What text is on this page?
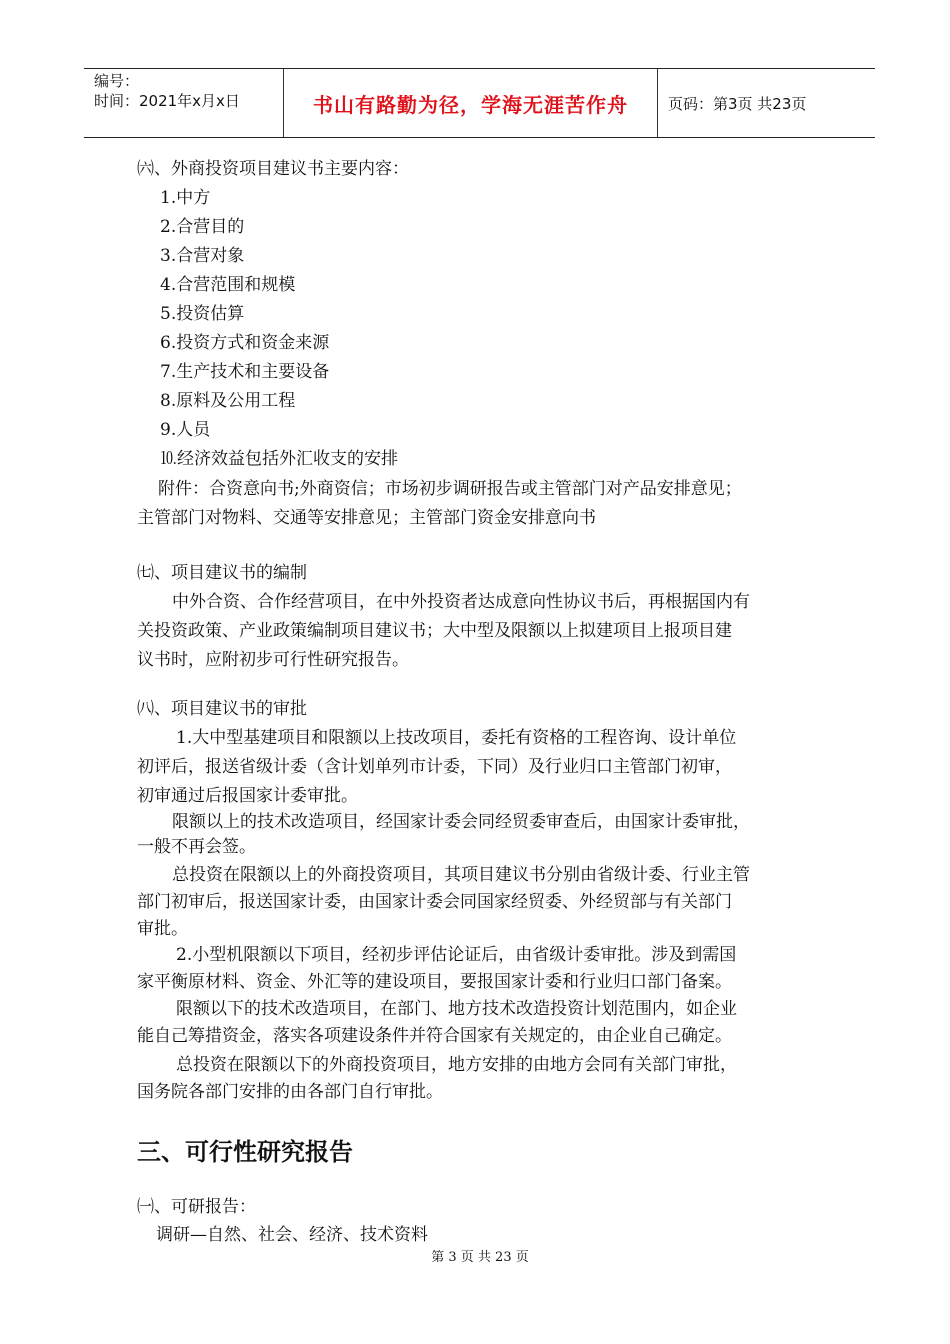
编号：
时间：2021年x月x日	书山有路勤为径，学海无涯苦作舟	页码：第3页 共23页
㈥、外商投资项目建议书主要内容：
1.中方
2.合营目的
3.合营对象
4.合营范围和规模
5.投资估算
6.投资方式和资金来源
7.生产技术和主要设备
8.原料及公用工程
9.人员
⒑经济效益包括外汇收支的安排
附件：合资意向书;外商资信；市场初步调研报告或主管部门对产品安排意见；
主管部门对物料、交通等安排意见；主管部门资金安排意向书
㈦、项目建议书的编制
中外合资、合作经营项目，在中外投资者达成意向性协议书后，再根据国内有
关投资政策、产业政策编制项目建议书；大中型及限额以上拟建项目上报项目建
议书时，应附初步可行性研究报告。
㈧、项目建议书的审批
1.大中型基建项目和限额以上技改项目，委托有资格的工程咨询、设计单位
初评后，报送省级计委（含计划单列市计委，下同）及行业归口主管部门初审，
初审通过后报国家计委审批。
限额以上的技术改造项目，经国家计委会同经贸委审查后，由国家计委审批，
一般不再会签。
总投资在限额以上的外商投资项目，其项目建议书分别由省级计委、行业主管
部门初审后，报送国家计委，由国家计委会同国家经贸委、外经贸部与有关部门
审批。
2.小型机限额以下项目，经初步评估论证后，由省级计委审批。涉及到需国
家平衡原材料、资金、外汇等的建设项目，要报国家计委和行业归口部门备案。
限额以下的技术改造项目，在部门、地方技术改造投资计划范围内，如企业
能自己筹措资金，落实各项建设条件并符合国家有关规定的，由企业自己确定。
总投资在限额以下的外商投资项目，地方安排的由地方会同有关部门审批，
国务院各部门安排的由各部门自行审批。
三、可行性研究报告
㈠、可研报告：
调研—自然、社会、经济、技术资料
第 3 页 共 23 页
